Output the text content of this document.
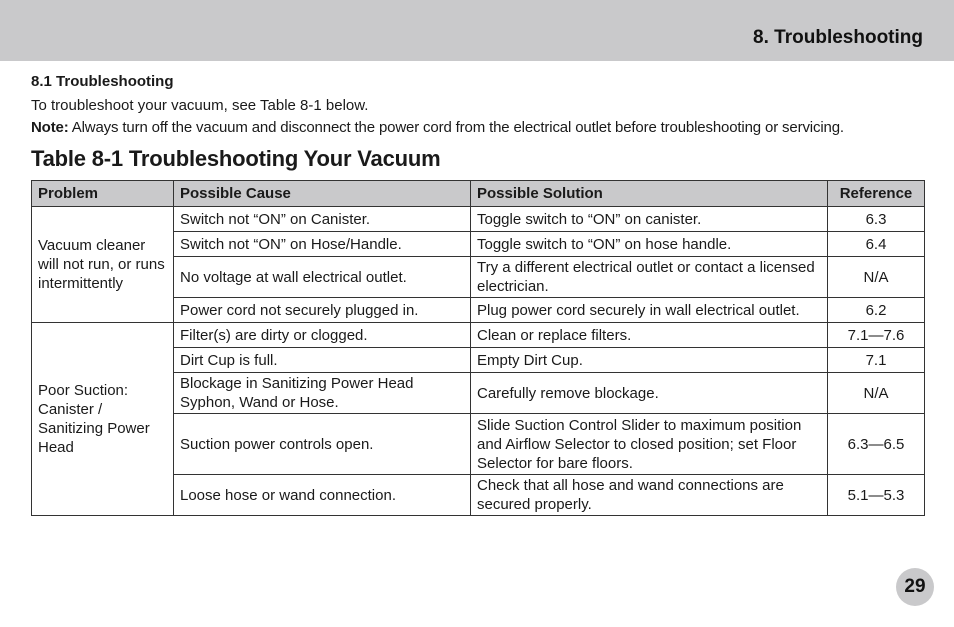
8. Troubleshooting
8.1 Troubleshooting
To troubleshoot your vacuum, see Table 8-1 below.
Note: Always turn off the vacuum and disconnect the power cord from the electrical outlet before troubleshooting or servicing.
Table 8-1 Troubleshooting Your Vacuum
Problem	Possible Cause	Possible Solution	Reference
Vacuum cleaner will not run, or runs intermittently	Switch not “ON” on Canister.	Toggle switch to “ON” on canister.	6.3
	Switch not “ON” on Hose/Handle.	Toggle switch to “ON” on hose handle.	6.4
	No voltage at wall electrical outlet.	Try a different electrical outlet or contact a licensed electrician.	N/A
	Power cord not securely plugged in.	Plug power cord securely in wall electrical outlet.	6.2
Poor Suction: Canister / Sanitizing Power Head	Filter(s) are dirty or clogged.	Clean or replace filters.	7.1—7.6
	Dirt Cup is full.	Empty Dirt Cup.	7.1
	Blockage in Sanitizing Power Head Syphon, Wand or Hose.	Carefully remove blockage.	N/A
	Suction power controls open.	Slide Suction Control Slider to maximum position and Airflow Selector to closed position; set Floor Selector for bare floors.	6.3—6.5
	Loose hose or wand connection.	Check that all hose and wand connections are secured properly.	5.1—5.3
29
